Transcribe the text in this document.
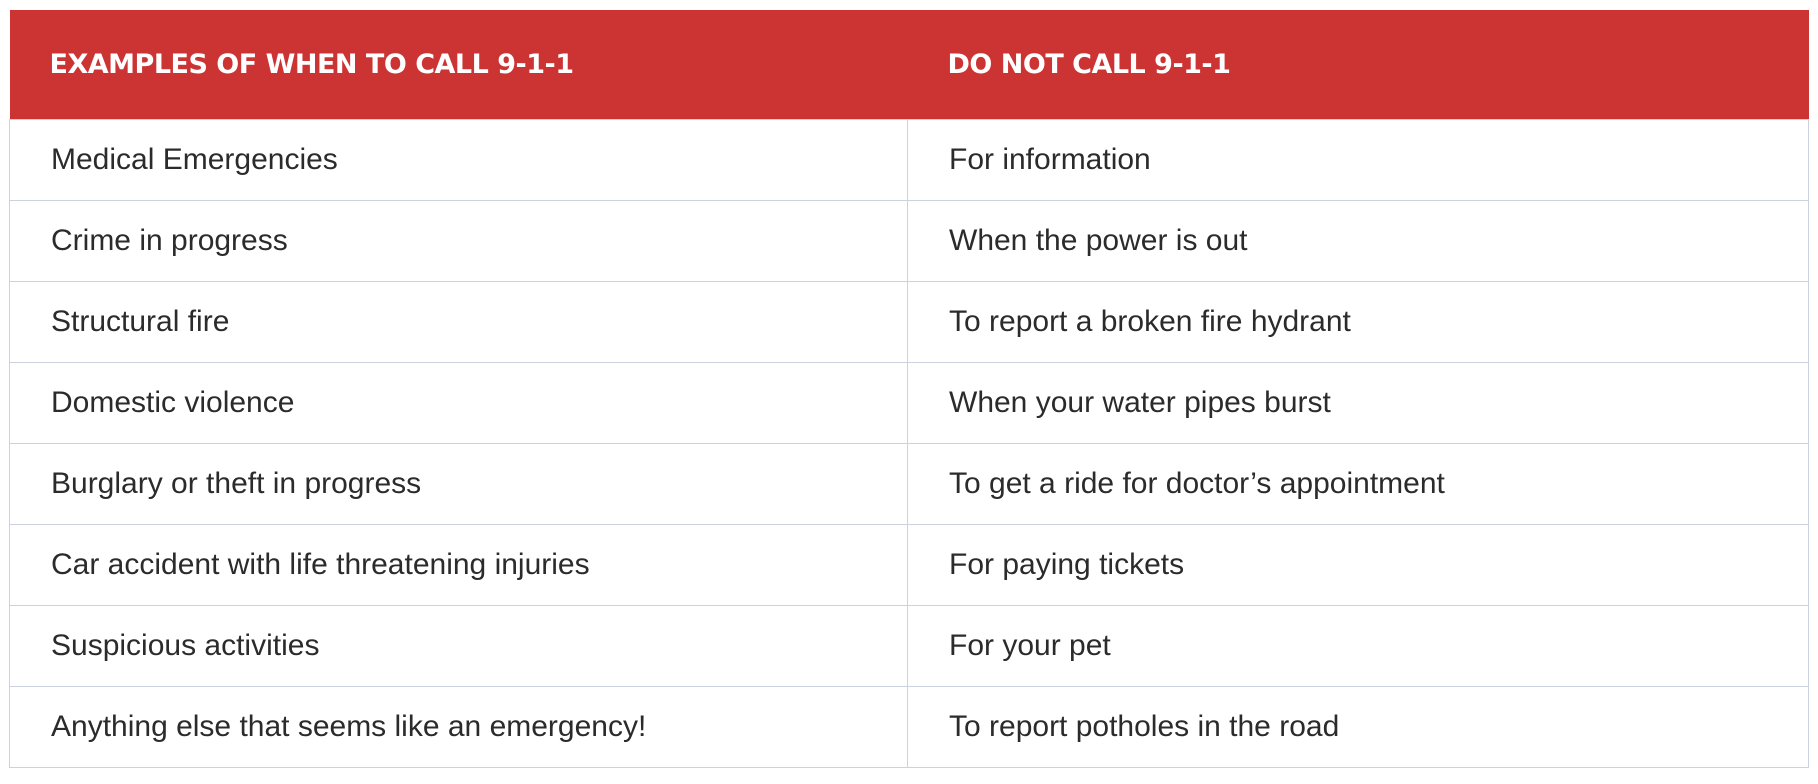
EXAMPLES OF WHEN TO CALL 9-1-1	DO NOT CALL 9-1-1
Medical Emergencies	For information
Crime in progress	When the power is out
Structural fire	To report a broken fire hydrant
Domestic violence	When your water pipes burst
Burglary or theft in progress	To get a ride for doctor’s appointment
Car accident with life threatening injuries	For paying tickets
Suspicious activities	For your pet
Anything else that seems like an emergency!	To report potholes in the road
